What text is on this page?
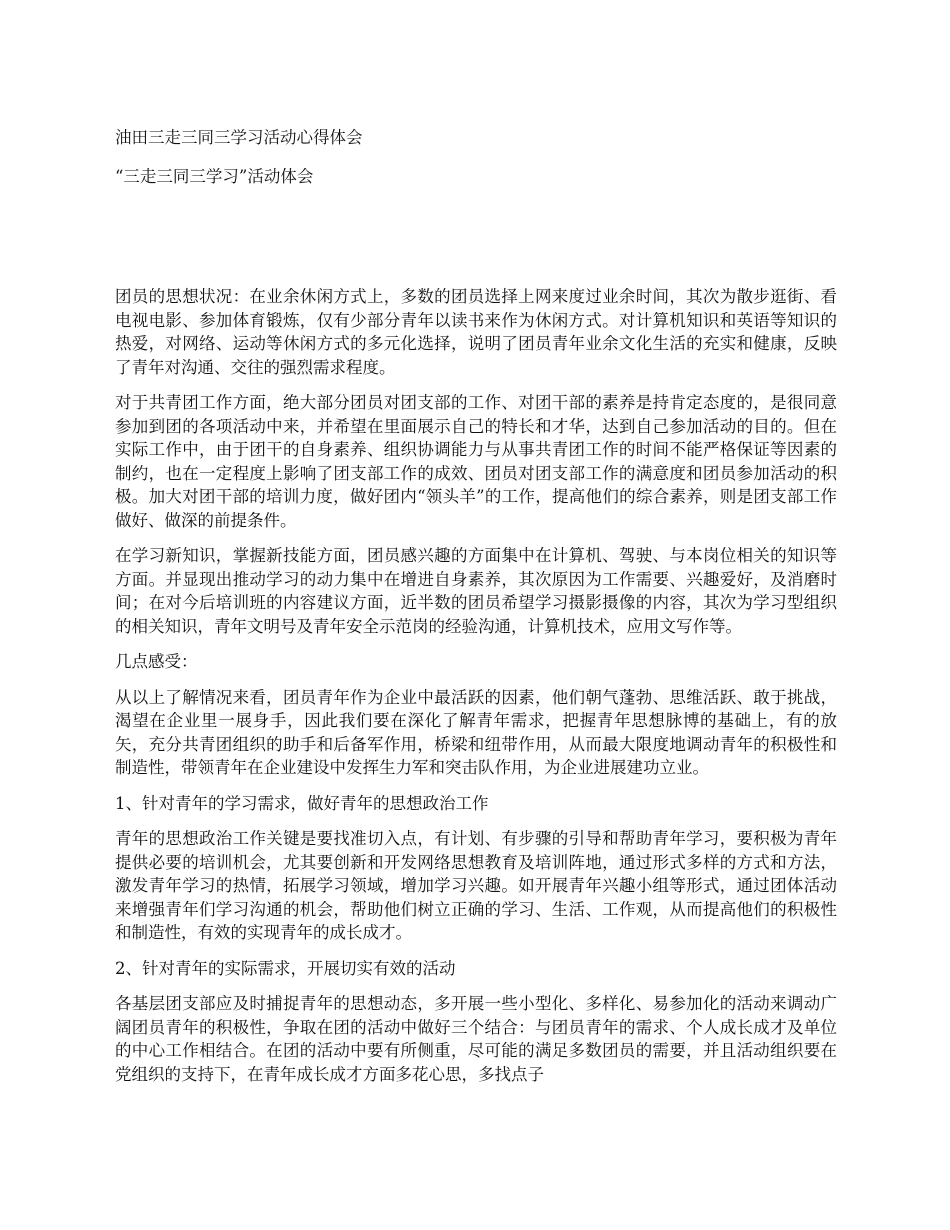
油田三走三同三学习活动心得体会

“三走三同三学习”活动体会

团员的思想状况：在业余休闲方式上，多数的团员选择上网来度过业余时间，其次为散步逛街、看电视电影、参加体育锻炼，仅有少部分青年以读书来作为休闲方式。对计算机知识和英语等知识的热爱，对网络、运动等休闲方式的多元化选择，说明了团员青年业余文化生活的充实和健康，反映了青年对沟通、交往的强烈需求程度。

对于共青团工作方面，绝大部分团员对团支部的工作、对团干部的素养是持肯定态度的，是很同意参加到团的各项活动中来，并希望在里面展示自己的特长和才华，达到自己参加活动的目的。但在实际工作中，由于团干的自身素养、组织协调能力与从事共青团工作的时间不能严格保证等因素的制约，也在一定程度上影响了团支部工作的成效、团员对团支部工作的满意度和团员参加活动的积极。加大对团干部的培训力度，做好团内“领头羊”的工作，提高他们的综合素养，则是团支部工作做好、做深的前提条件。

在学习新知识，掌握新技能方面，团员感兴趣的方面集中在计算机、驾驶、与本岗位相关的知识等方面。并显现出推动学习的动力集中在增进自身素养，其次原因为工作需要、兴趣爱好，及消磨时间；在对今后培训班的内容建议方面，近半数的团员希望学习摄影摄像的内容，其次为学习型组织的相关知识，青年文明号及青年安全示范岗的经验沟通，计算机技术，应用文写作等。

几点感受：

从以上了解情况来看，团员青年作为企业中最活跃的因素，他们朝气蓬勃、思维活跃、敢于挑战，渴望在企业里一展身手，因此我们要在深化了解青年需求，把握青年思想脉博的基础上，有的放矢，充分共青团组织的助手和后备军作用，桥梁和纽带作用，从而最大限度地调动青年的积极性和制造性，带领青年在企业建设中发挥生力军和突击队作用，为企业进展建功立业。

1、针对青年的学习需求，做好青年的思想政治工作

青年的思想政治工作关键是要找准切入点，有计划、有步骤的引导和帮助青年学习，要积极为青年提供必要的培训机会，尤其要创新和开发网络思想教育及培训阵地，通过形式多样的方式和方法，激发青年学习的热情，拓展学习领域，增加学习兴趣。如开展青年兴趣小组等形式，通过团体活动来增强青年们学习沟通的机会，帮助他们树立正确的学习、生活、工作观，从而提高他们的积极性和制造性，有效的实现青年的成长成才。

2、针对青年的实际需求，开展切实有效的活动

各基层团支部应及时捕捉青年的思想动态，多开展一些小型化、多样化、易参加化的活动来调动广阔团员青年的积极性，争取在团的活动中做好三个结合：与团员青年的需求、个人成长成才及单位的中心工作相结合。在团的活动中要有所侧重，尽可能的满足多数团员的需要，并且活动组织要在党组织的支持下，在青年成长成才方面多花心思，多找点子
